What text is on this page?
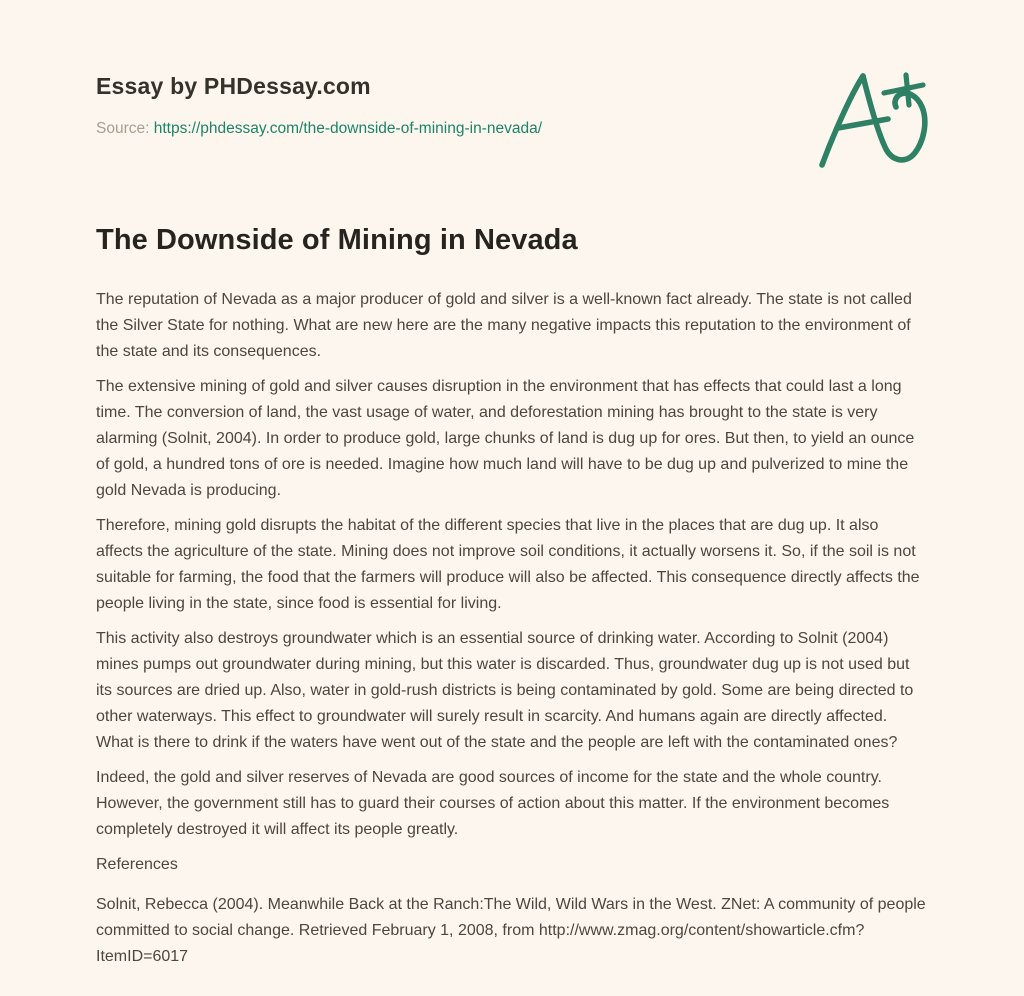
Essay by PHDessay.com
Source: https://phdessay.com/the-downside-of-mining-in-nevada/
The Downside of Mining in Nevada

The reputation of Nevada as a major producer of gold and silver is a well-known fact already. The state is not called the Silver State for nothing. What are new here are the many negative impacts this reputation to the environment of the state and its consequences.

The extensive mining of gold and silver causes disruption in the environment that has effects that could last a long time. The conversion of land, the vast usage of water, and deforestation mining has brought to the state is very alarming (Solnit, 2004). In order to produce gold, large chunks of land is dug up for ores. But then, to yield an ounce of gold, a hundred tons of ore is needed. Imagine how much land will have to be dug up and pulverized to mine the gold Nevada is producing.

Therefore, mining gold disrupts the habitat of the different species that live in the places that are dug up. It also affects the agriculture of the state. Mining does not improve soil conditions, it actually worsens it. So, if the soil is not suitable for farming, the food that the farmers will produce will also be affected. This consequence directly affects the people living in the state, since food is essential for living.

This activity also destroys groundwater which is an essential source of drinking water. According to Solnit (2004) mines pumps out groundwater during mining, but this water is discarded. Thus, groundwater dug up is not used but its sources are dried up. Also, water in gold-rush districts is being contaminated by gold. Some are being directed to other waterways. This effect to groundwater will surely result in scarcity. And humans again are directly affected. What is there to drink if the waters have went out of the state and the people are left with the contaminated ones?

Indeed, the gold and silver reserves of Nevada are good sources of income for the state and the whole country. However, the government still has to guard their courses of action about this matter. If the environment becomes completely destroyed it will affect its people greatly.

References

Solnit, Rebecca (2004). Meanwhile Back at the Ranch:The Wild, Wild Wars in the West. ZNet: A community of people committed to social change. Retrieved February 1, 2008, from http://www.zmag.org/content/showarticle.cfm?ItemID=6017
